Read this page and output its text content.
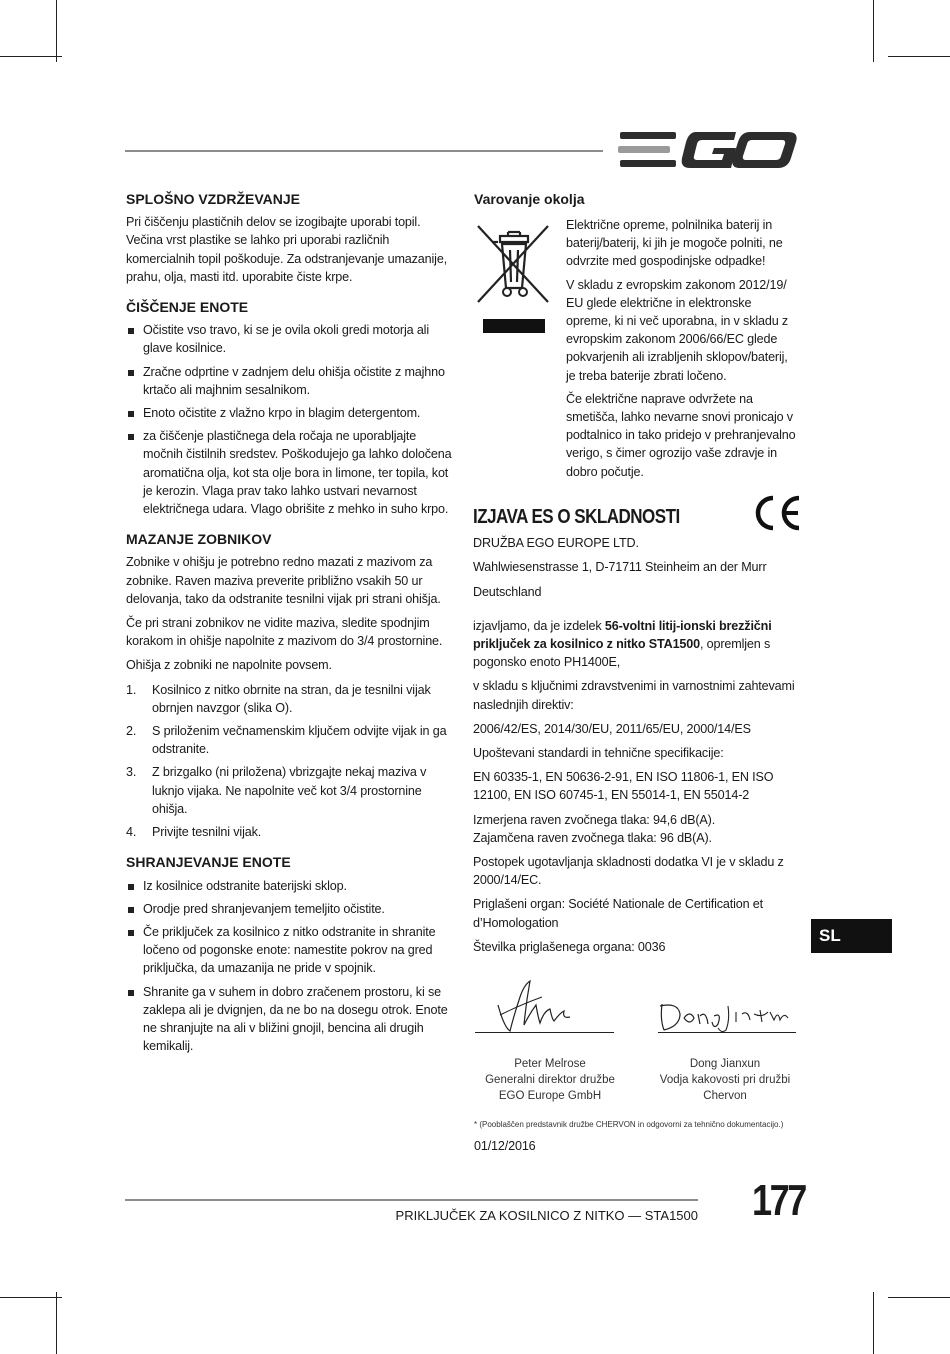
SPLOŠNO VZDRŽEVANJE

Pri čiščenju plastičnih delov se izogibajte uporabi topil. Večina vrst plastike se lahko pri uporabi različnih komercialnih topil poškoduje. Za odstranjevanje umazanije, prahu, olja, masti itd. uporabite čiste krpe.

ČIŠČENJE ENOTE
Očistite vso travo, ki se je ovila okoli gredi motorja ali glave kosilnice.
Zračne odprtine v zadnjem delu ohišja očistite z majhno krtačo ali majhnim sesalnikom.
Enoto očistite z vlažno krpo in blagim detergentom.
za čiščenje plastičnega dela ročaja ne uporabljajte močnih čistilnih sredstev. Poškodujejo ga lahko določena aromatična olja, kot sta olje bora in limone, ter topila, kot je kerozin. Vlaga prav tako lahko ustvari nevarnost električnega udara. Vlago obrišite z mehko in suho krpo.
MAZANJE ZOBNIKOV

Zobnike v ohišju je potrebno redno mazati z mazivom za zobnike. Raven maziva preverite približno vsakih 50 ur delovanja, tako da odstranite tesnilni vijak pri strani ohišja.

Če pri strani zobnikov ne vidite maziva, sledite spodnjim korakom in ohišje napolnite z mazivom do 3/4 prostornine.

Ohišja z zobniki ne napolnite povsem.

1. Kosilnico z nitko obrnite na stran, da je tesnilni vijak obrnjen navzgor (slika O).
2. S priloženim večnamenskim ključem odvijte vijak in ga odstranite.
3. Z brizgalko (ni priložena) vbrizgajte nekaj maziva v luknjo vijaka. Ne napolnite več kot 3/4 prostornine ohišja.
4. Privijte tesnilni vijak.
SHRANJEVANJE ENOTE
Iz kosilnice odstranite baterijski sklop.
Orodje pred shranjevanjem temeljito očistite.
Če priključek za kosilnico z nitko odstranite in shranite ločeno od pogonske enote: namestite pokrov na gred priključka, da umazanija ne pride v spojnik.
Shranite ga v suhem in dobro zračenem prostoru, ki se zaklepa ali je dvignjen, da ne bo na dosegu otrok. Enote ne shranjujte na ali v bližini gnojil, bencina ali drugih kemikalij.
Varovanje okolja

Električne opreme, polnilnika baterij in baterij/baterij, ki jih je mogoče polniti, ne odvrzite med gospodinjske odpadke!

V skladu z evropskim zakonom 2012/19/ EU glede električne in elektronske opreme, ki ni več uporabna, in v skladu z evropskim zakonom 2006/66/EC glede pokvarjenih ali izrabljenih sklopov/baterij, je treba baterije zbrati ločeno.

Če električne naprave odvržete na smetišča, lahko nevarne snovi pronicajo v podtalnico in tako pridejo v prehranjevalno verigo, s čimer ogrozijo vaše zdravje in dobro počutje.

IZJAVA ES O SKLADNOSTI

DRUŽBA EGO EUROPE LTD.

Wahlwiesenstrasse 1, D-71711 Steinheim an der Murr

Deutschland

izjavljamo, da je izdelek 56-voltni litij-ionski brezžični priključek za kosilnico z nitko STA1500, opremljen s pogonsko enoto PH1400E,

v skladu s ključnimi zdravstvenimi in varnostnimi zahtevami naslednjih direktiv:

2006/42/ES, 2014/30/EU, 2011/65/EU, 2000/14/ES

Upoštevani standardi in tehnične specifikacije:

EN 60335-1, EN 50636-2-91, EN ISO 11806-1, EN ISO 12100, EN ISO 60745-1, EN 55014-1, EN 55014-2

Izmerjena raven zvočnega tlaka: 94,6 dB(A).
Zajamčena raven zvočnega tlaka: 96 dB(A).

Postopek ugotavljanja skladnosti dodatka VI je v skladu z 2000/14/EC.

Priglašeni organ: Société Nationale de Certification et d’Homologation

Številka priglašenega organa: 0036

Peter Melrose
Generalni direktor družbe
EGO Europe GmbH
Dong Jianxun
Vodja kakovosti pri družbi
Chervon
* (Pooblaščen predstavnik družbe CHERVON in odgovorni za tehnično dokumentacijo.)

01/12/2016

SL
PRIKLJUČEK ZA KOSILNICO Z NITKO — STA1500 177
